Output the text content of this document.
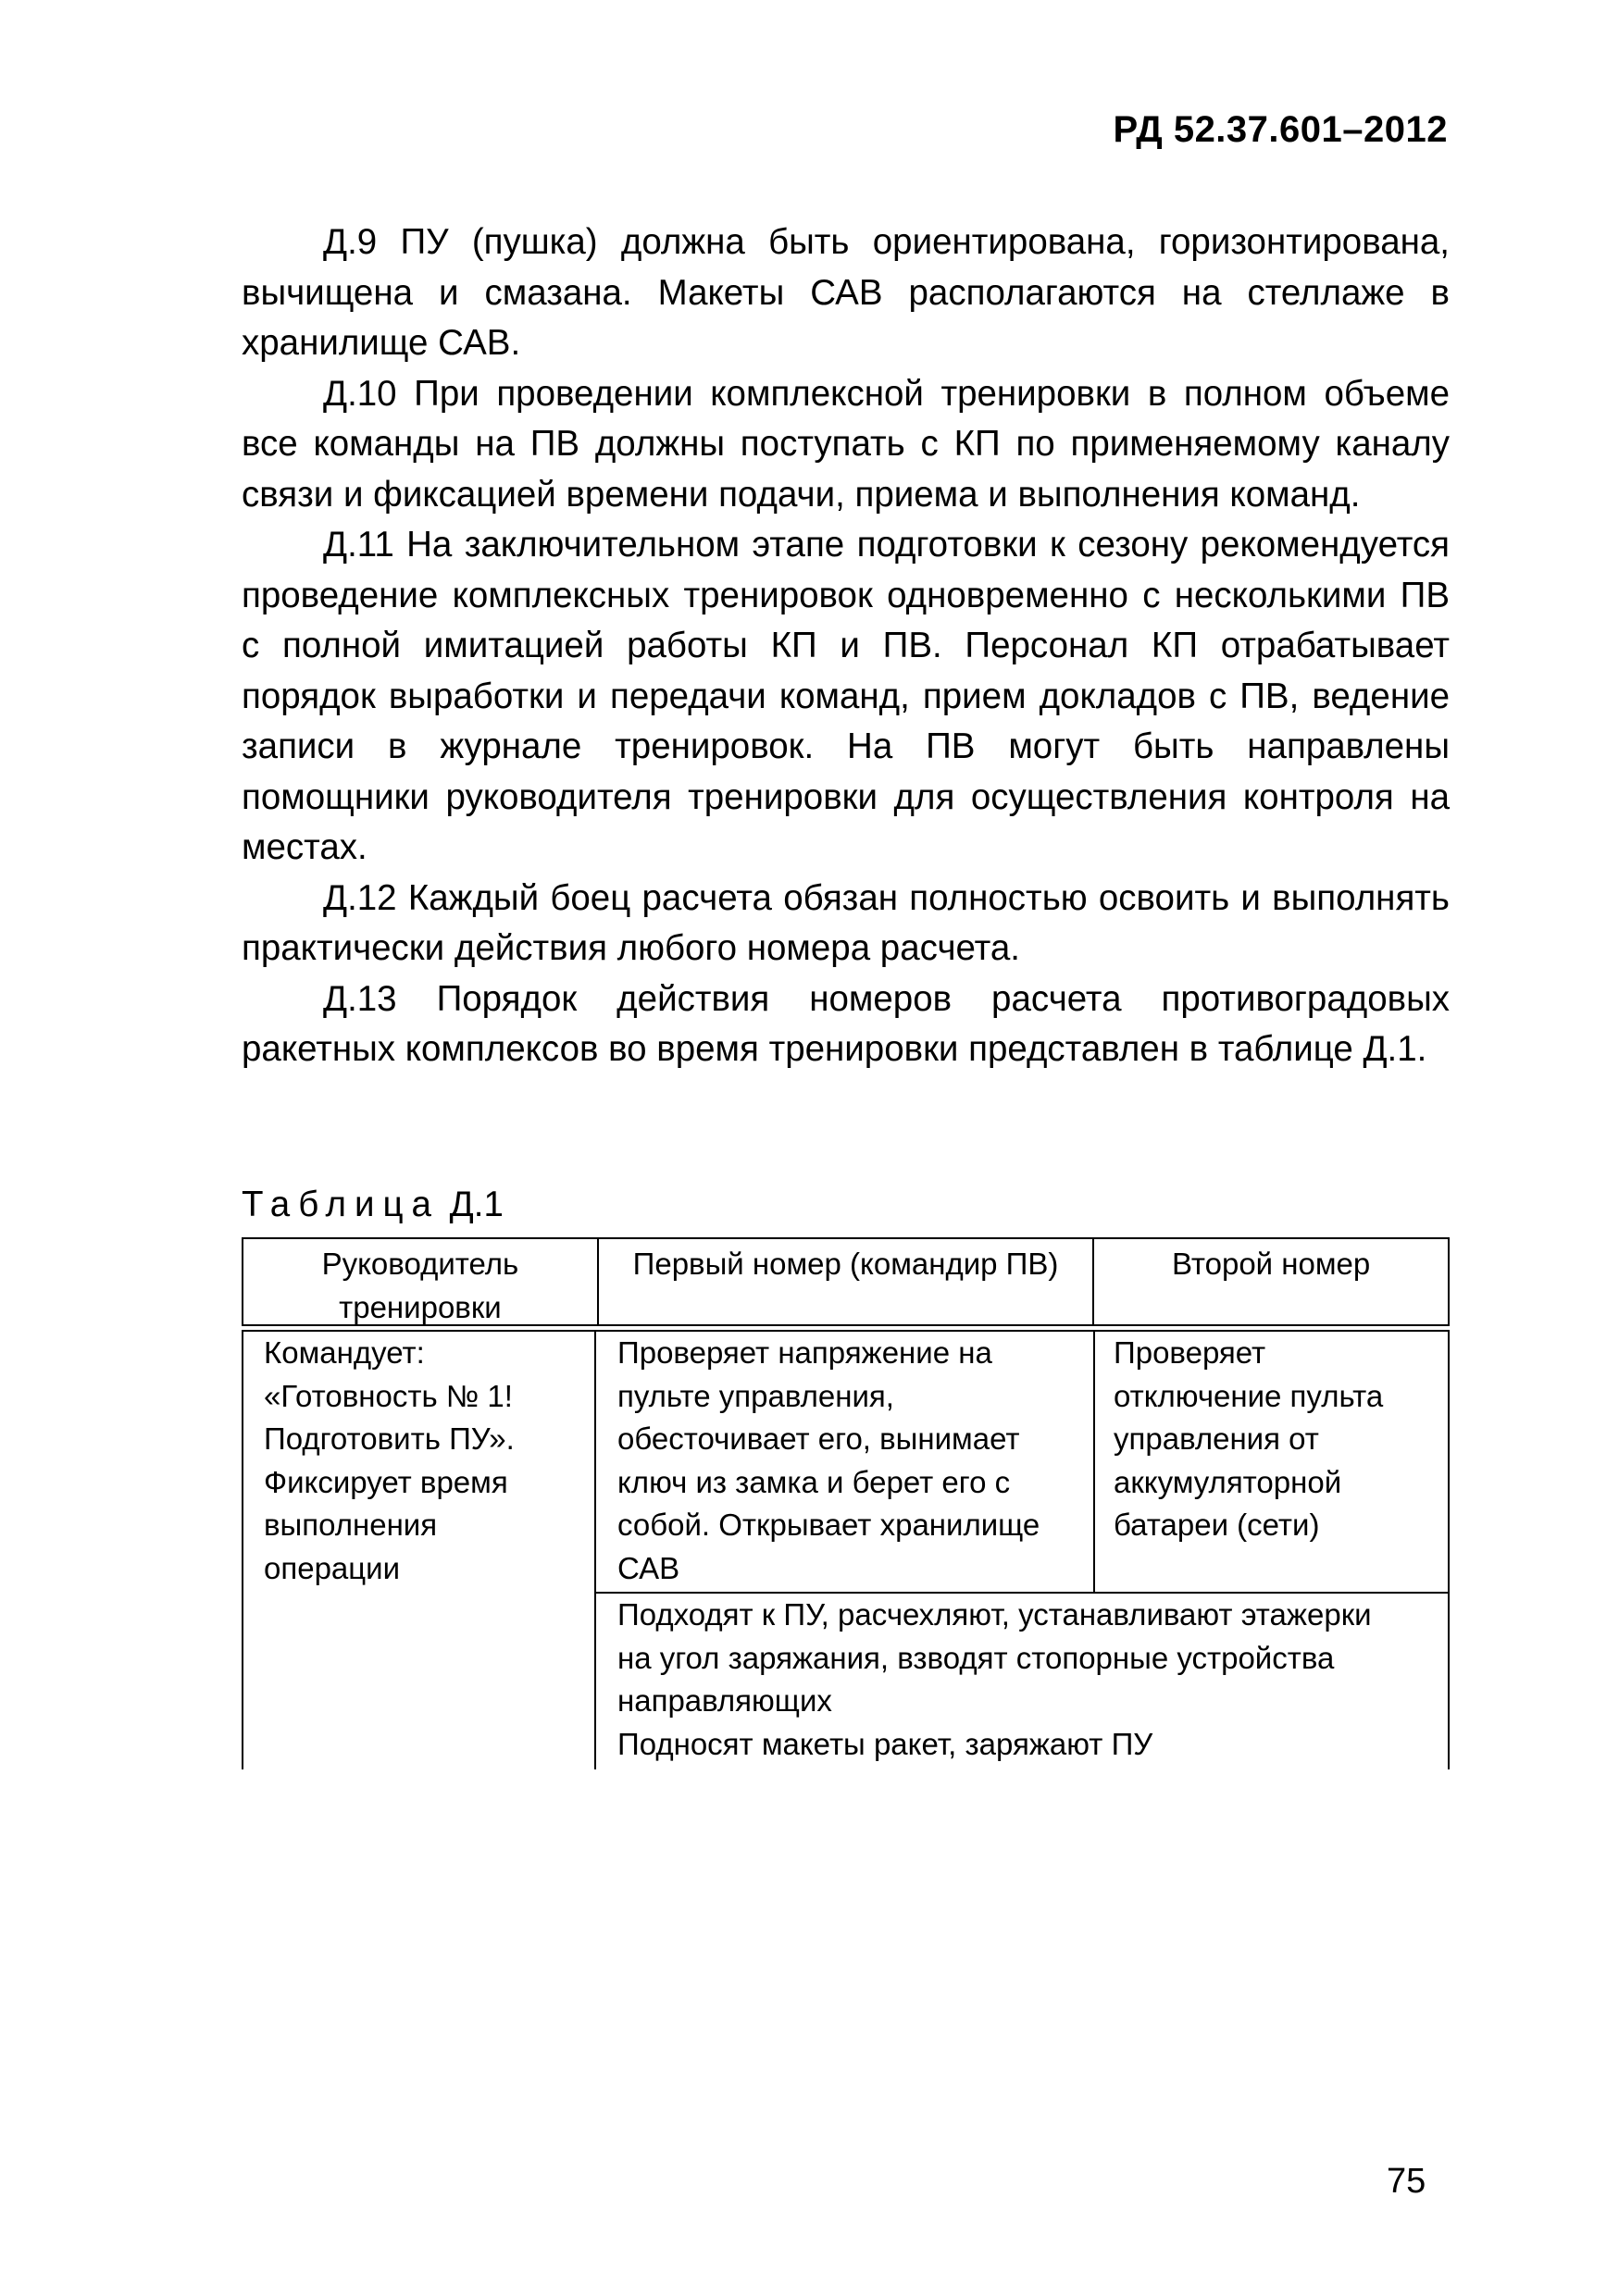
РД 52.37.601–2012

Д.9 ПУ (пушка) должна быть ориентирована, горизонтирована, вычищена и смазана. Макеты САВ располагаются на стеллаже в хранилище САВ.

Д.10 При проведении комплексной тренировки в полном объеме все команды на ПВ должны поступать с КП по применяемому каналу связи и фиксацией времени подачи, приема и выполнения команд.

Д.11 На заключительном этапе подготовки к сезону рекомендуется проведение комплексных тренировок одновременно с несколькими ПВ с полной имитацией работы КП и ПВ. Персонал КП отрабатывает порядок выработки и передачи команд, прием докладов с ПВ, ведение записи в журнале тренировок. На ПВ могут быть направлены помощники руководителя тренировки для осуществления контроля на местах.

Д.12 Каждый боец расчета обязан полностью освоить и выполнять практически действия любого номера расчета.

Д.13 Порядок действия номеров расчета противоградовых ракетных комплексов во время тренировки представлен в таблице Д.1.

Таблица Д.1
Руководитель
тренировки
Первый номер (командир ПВ)	Второй номер
Командует:
«Готовность № 1!
Подготовить ПУ».
Фиксирует время
выполнения
операции
Проверяет напряжение на
пульте управления,
обесточивает его, вынимает
ключ из замка и берет его с
собой. Открывает хранилище
САВ
Проверяет
отключение пульта
управления от
аккумуляторной
батареи (сети)
Подходят к ПУ, расчехляют, устанавливают этажерки
на угол заряжания, взводят стопорные устройства
направляющих
Подносят макеты ракет, заряжают ПУ
75
